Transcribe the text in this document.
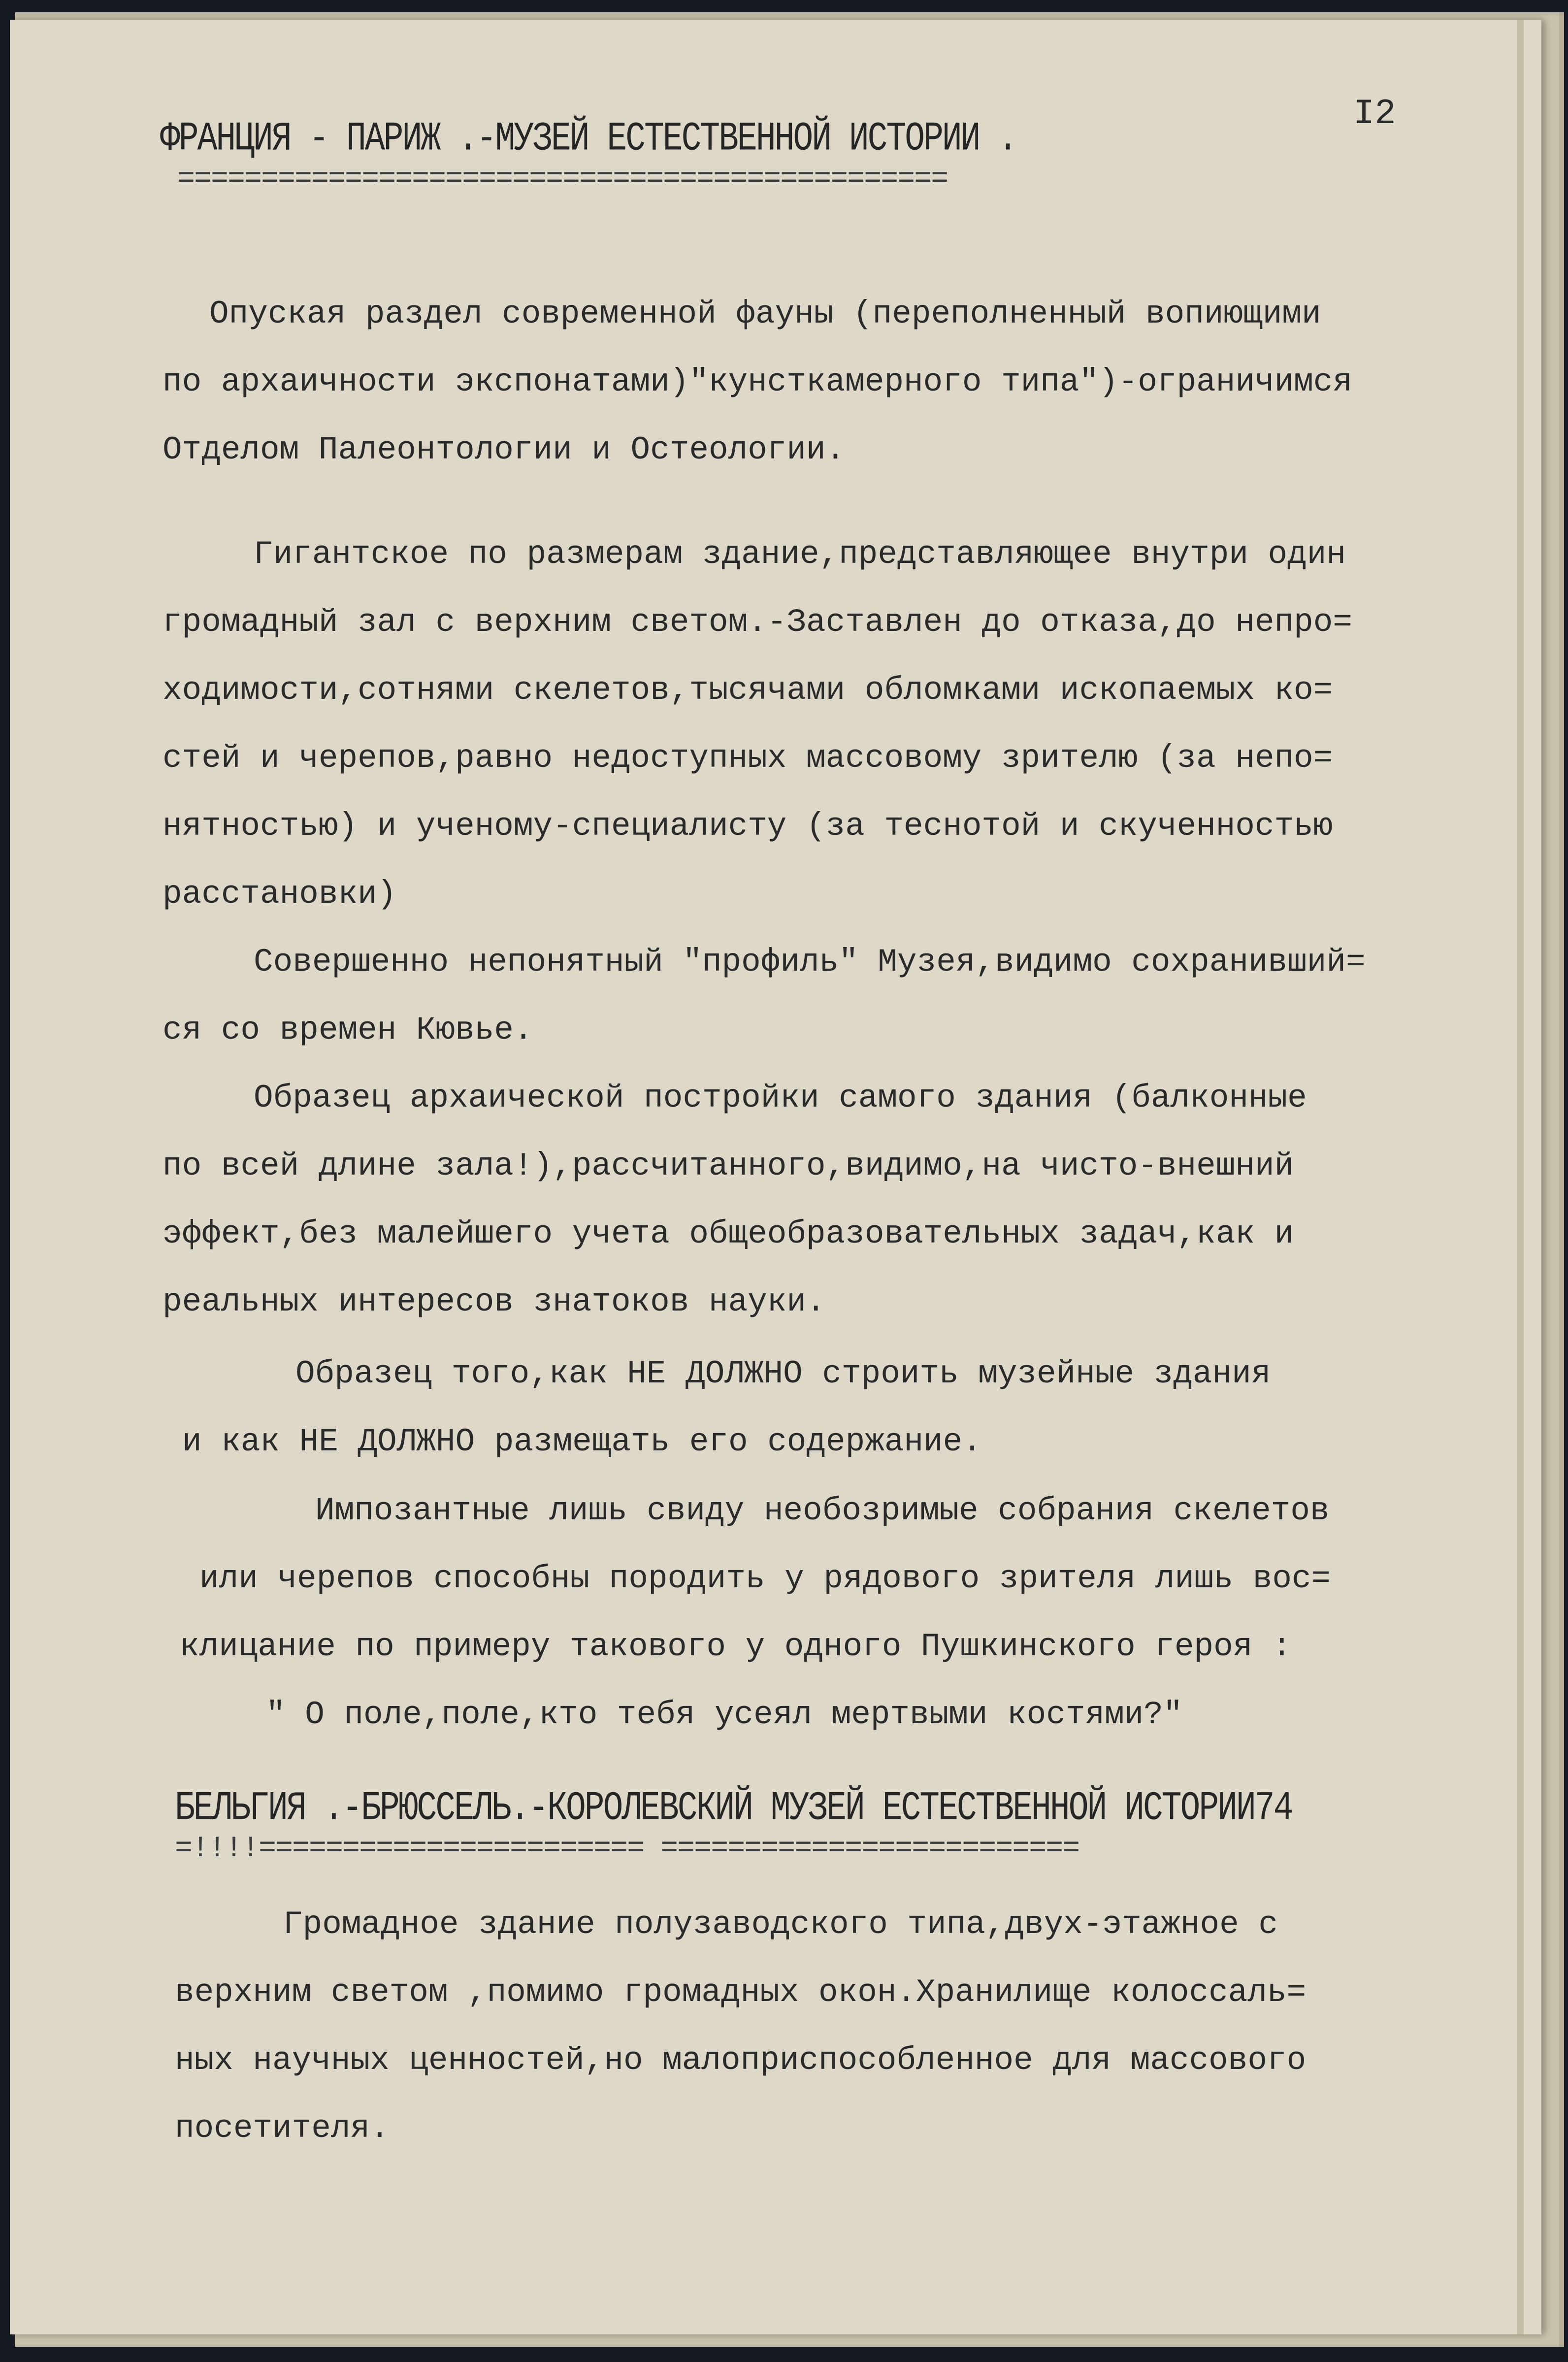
I2

ФРАНЦИЯ - ПАРИЖ .-МУЗЕЙ ЕСТЕСТВЕННОЙ ИСТОРИИ .

==============================================

Опуская раздел современной фауны (переполненный вопиющими

по архаичности экспонатами)"кунсткамерного типа")-ограничимся

Отделом Палеонтологии и Остеологии.

Гигантское по размерам здание,представляющее внутри один

громадный зал с верхним светом.-Заставлен до отказа,до непро=

ходимости,сотнями скелетов,тысячами обломками ископаемых ко=

стей и черепов,равно недоступных массовому зрителю (за непо=

нятностью) и ученому-специалисту (за теснотой и скученностью

расстановки)

Совершенно непонятный "профиль" Музея,видимо сохранивший=

ся со времен Кювье.

Образец архаической постройки самого здания (балконные

по всей длине зала!),рассчитанного,видимо,на чисто-внешний

эффект,без малейшего учета общеобразовательных задач,как и

реальных интересов знатоков науки.

Образец того,как НЕ ДОЛЖНО строить музейные здания

и как НЕ ДОЛЖНО размещать его содержание.

Импозантные лишь свиду необозримые собрания скелетов

или черепов способны породить у рядового зрителя лишь вос=

клицание по примеру такового у одного Пушкинского героя :

" О поле,поле,кто тебя усеял мертвыми костями?"

БЕЛЬГИЯ .-БРЮССЕЛЬ.-КОРОЛЕВСКИЙ МУЗЕЙ ЕСТЕСТВЕННОЙ ИСТОРИИ74

=!!!!======================= =========================

Громадное здание полузаводского типа,двух-этажное с

верхним светом ,помимо громадных окон.Хранилище колоссаль=

ных научных ценностей,но малоприспособленное для массового

посетителя.
